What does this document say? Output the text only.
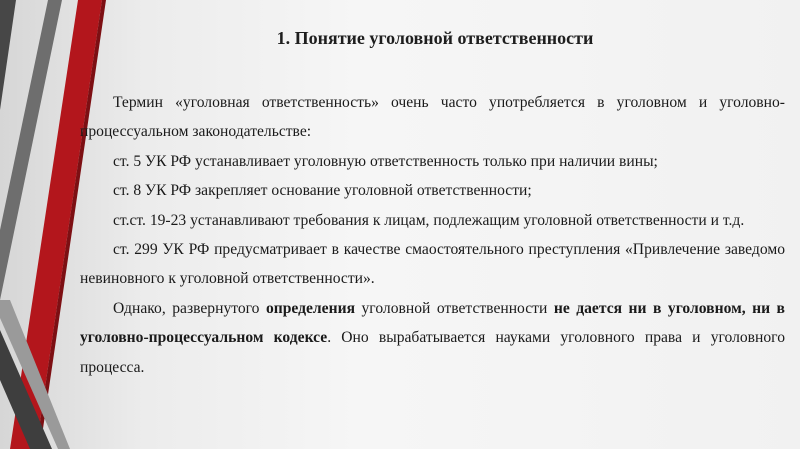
1. Понятие уголовной ответственности

Термин «уголовная ответственность» очень часто употребляется в уголовном и уголовно-процессуальном законодательстве:

ст. 5 УК РФ устанавливает уголовную ответственность только при наличии вины;

ст. 8 УК РФ закрепляет основание уголовной ответственности;

ст.ст. 19-23 устанавливают требования к лицам, подлежащим уголовной ответственности и т.д.

ст. 299 УК РФ предусматривает в качестве смаостоятельного преступления «Привлечение заведомо невиновного к уголовной ответственности».

Однако, развернутого определения уголовной ответственности не дается ни в уголовном, ни в уголовно-процессуальном кодексе. Оно вырабатывается науками уголовного права и уголовного процесса.
